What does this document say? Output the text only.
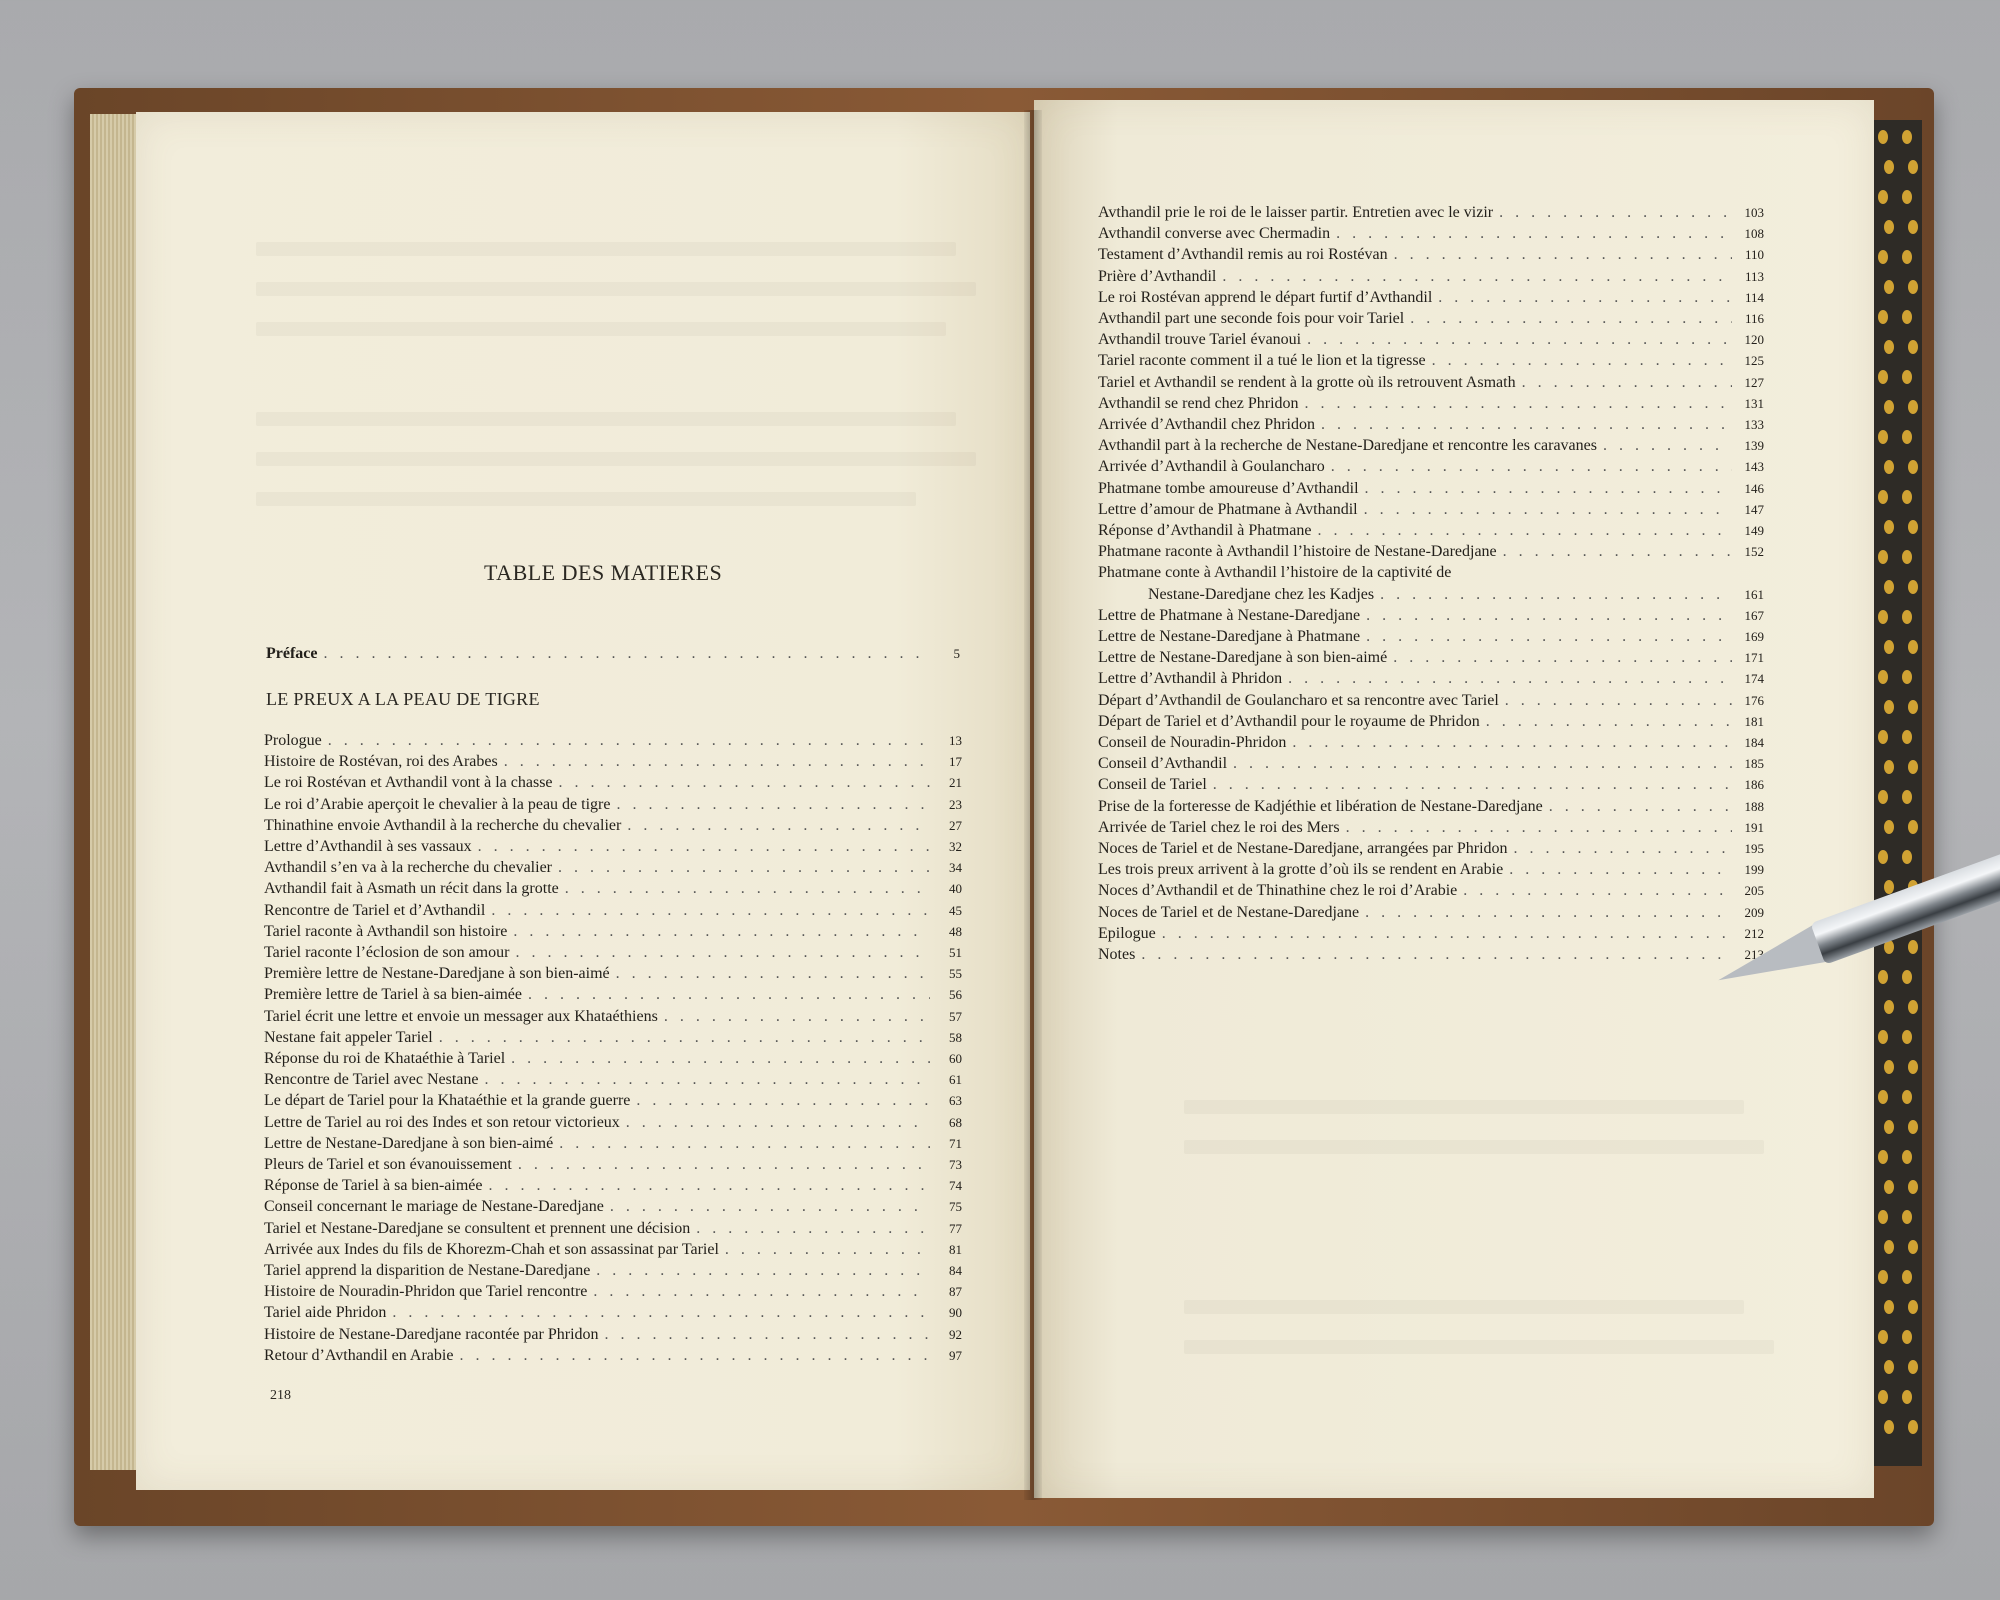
TABLE DES MATIERES
Préface . . .	5
LE PREUX A LA PEAU DE TIGRE
Prologue . . .	13
Histoire de Rostévan, roi des Arabes . . .	17
Le roi Rostévan et Avthandil vont à la chasse . . .	21
Le roi d’Arabie aperçoit le chevalier à la peau de tigre . . .	23
Thinathine envoie Avthandil à la recherche du chevalier . . .	27
Lettre d’Avthandil à ses vassaux . . .	32
Avthandil s’en va à la recherche du chevalier . . .	34
Avthandil fait à Asmath un récit dans la grotte . . .	40
Rencontre de Tariel et d’Avthandil . . .	45
Tariel raconte à Avthandil son histoire . . .	48
Tariel raconte l’éclosion de son amour . . .	51
Première lettre de Nestane-Daredjane à son bien-aimé . . .	55
Première lettre de Tariel à sa bien-aimée . . .	56
Tariel écrit une lettre et envoie un messager aux Khataéthiens . . .	57
Nestane fait appeler Tariel . . .	58
Réponse du roi de Khataéthie à Tariel . . .	60
Rencontre de Tariel avec Nestane . . .	61
Le départ de Tariel pour la Khataéthie et la grande guerre . . .	63
Lettre de Tariel au roi des Indes et son retour victorieux . . .	68
Lettre de Nestane-Daredjane à son bien-aimé . . .	71
Pleurs de Tariel et son évanouissement . . .	73
Réponse de Tariel à sa bien-aimée . . .	74
Conseil concernant le mariage de Nestane-Daredjane . . .	75
Tariel et Nestane-Daredjane se consultent et prennent une décision . . .	77
Arrivée aux Indes du fils de Khorezm-Chah et son assassinat par Tariel . . .	81
Tariel apprend la disparition de Nestane-Daredjane . . .	84
Histoire de Nouradin-Phridon que Tariel rencontre . . .	87
Tariel aide Phridon . . .	90
Histoire de Nestane-Daredjane racontée par Phridon . . .	92
Retour d’Avthandil en Arabie . . .	97
Avthandil prie le roi de le laisser partir. Entretien avec le vizir . . .	103
Avthandil converse avec Chermadin . . .	108
Testament d’Avthandil remis au roi Rostévan . . .	110
Prière d’Avthandil . . .	113
Le roi Rostévan apprend le départ furtif d’Avthandil . . .	114
Avthandil part une seconde fois pour voir Tariel . . .	116
Avthandil trouve Tariel évanoui . . .	120
Tariel raconte comment il a tué le lion et la tigresse . . .	125
Tariel et Avthandil se rendent à la grotte où ils retrouvent Asmath . . .	127
Avthandil se rend chez Phridon . . .	131
Arrivée d’Avthandil chez Phridon . . .	133
Avthandil part à la recherche de Nestane-Daredjane et rencontre les caravanes . . .	139
Arrivée d’Avthandil à Goulancharo . . .	143
Phatmane tombe amoureuse d’Avthandil . . .	146
Lettre d’amour de Phatmane à Avthandil . . .	147
Réponse d’Avthandil à Phatmane . . .	149
Phatmane raconte à Avthandil l’histoire de Nestane-Daredjane . . .	152
Phatmane conte à Avthandil l’histoire de la captivité de
Nestane-Daredjane chez les Kadjes . . .	161
Lettre de Phatmane à Nestane-Daredjane . . .	167
Lettre de Nestane-Daredjane à Phatmane . . .	169
Lettre de Nestane-Daredjane à son bien-aimé . . .	171
Lettre d’Avthandil à Phridon . . .	174
Départ d’Avthandil de Goulancharo et sa rencontre avec Tariel . . .	176
Départ de Tariel et d’Avthandil pour le royaume de Phridon . . .	181
Conseil de Nouradin-Phridon . . .	184
Conseil d’Avthandil . . .	185
Conseil de Tariel . . .	186
Prise de la forteresse de Kadjéthie et libération de Nestane-Daredjane . . .	188
Arrivée de Tariel chez le roi des Mers . . .	191
Noces de Tariel et de Nestane-Daredjane, arrangées par Phridon . . .	195
Les trois preux arrivent à la grotte d’où ils se rendent en Arabie . . .	199
Noces d’Avthandil et de Thinathine chez le roi d’Arabie . . .	205
Noces de Tariel et de Nestane-Daredjane . . .	209
Epilogue . . .	212
Notes . . .	213
218
